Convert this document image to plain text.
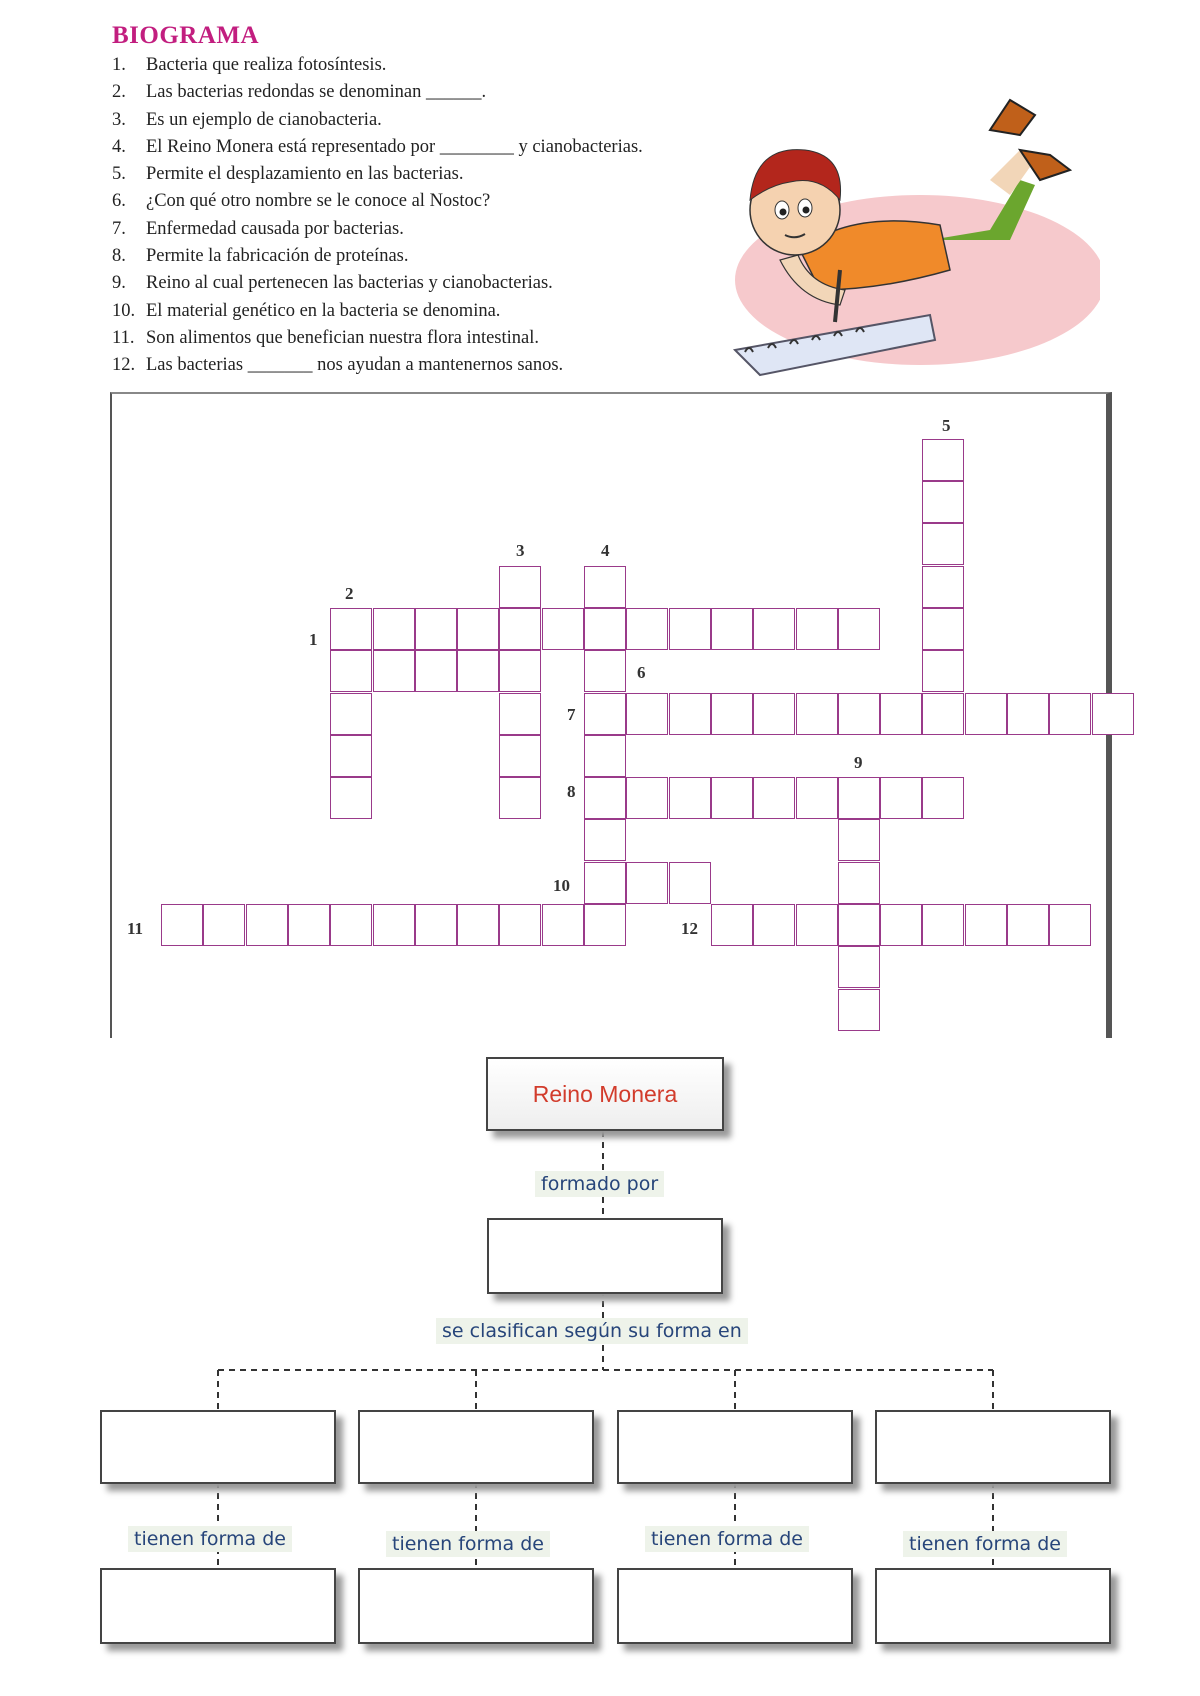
BIOGRAMA
1. Bacteria que realiza fotosíntesis.
2. Las bacterias redondas se denominan ______.
3. Es un ejemplo de cianobacteria.
4. El Reino Monera está representado por ________ y cianobacterias.
5. Permite el desplazamiento en las bacterias.
6. ¿Con qué otro nombre se le conoce al Nostoc?
7. Enfermedad causada por bacterias.
8. Permite la fabricación de proteínas.
9. Reino al cual pertenecen las bacterias y cianobacterias.
10. El material genético en la bacteria se denomina.
11. Son alimentos que benefician nuestra flora intestinal.
12. Las bacterias _______ nos ayudan a mantenernos sanos.
1
2
3	4
5
6
7
8
9
10
11	12
Reino Monera
formado por
se clasifican según su forma en
tienen forma de	tienen forma de	tienen forma de	tienen forma de
